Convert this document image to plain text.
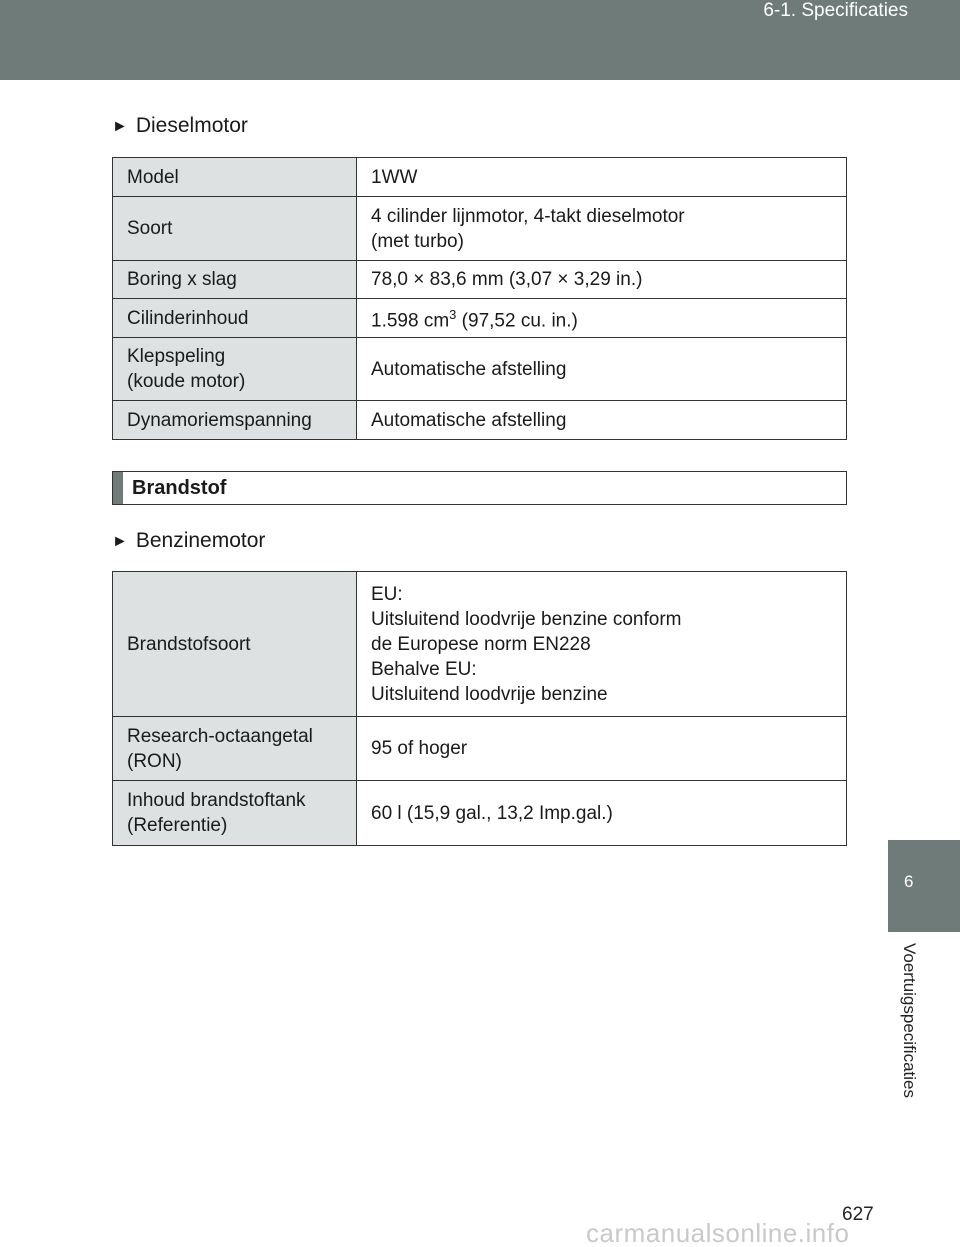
6-1. Specificaties
6
Voertuigspecificaties
► Dieselmotor
Model	1WW
Soort	4 cilinder lijnmotor, 4-takt dieselmotor
(met turbo)

Boring x slag	78,0 × 83,6 mm (3,07 × 3,29 in.)
Cilinderinhoud	1.598 $cm^3$ (97,52 cu. in.)

Klepspeling
(koude motor)	Automatische afstelling
Dynamoriemspanning	Automatische afstelling
Brandstof
► Benzinemotor
Brandstofsoort	EU:
Uitsluitend loodvrije benzine conform
de Europese norm EN228
Behalve EU:
Uitsluitend loodvrije benzine

Research-octaangetal
(RON)	95 of hoger

Inhoud brandstoftank
(Referentie)	60 l (15,9 gal., 13,2 Imp.gal.)
627
carmanualsonline.info
